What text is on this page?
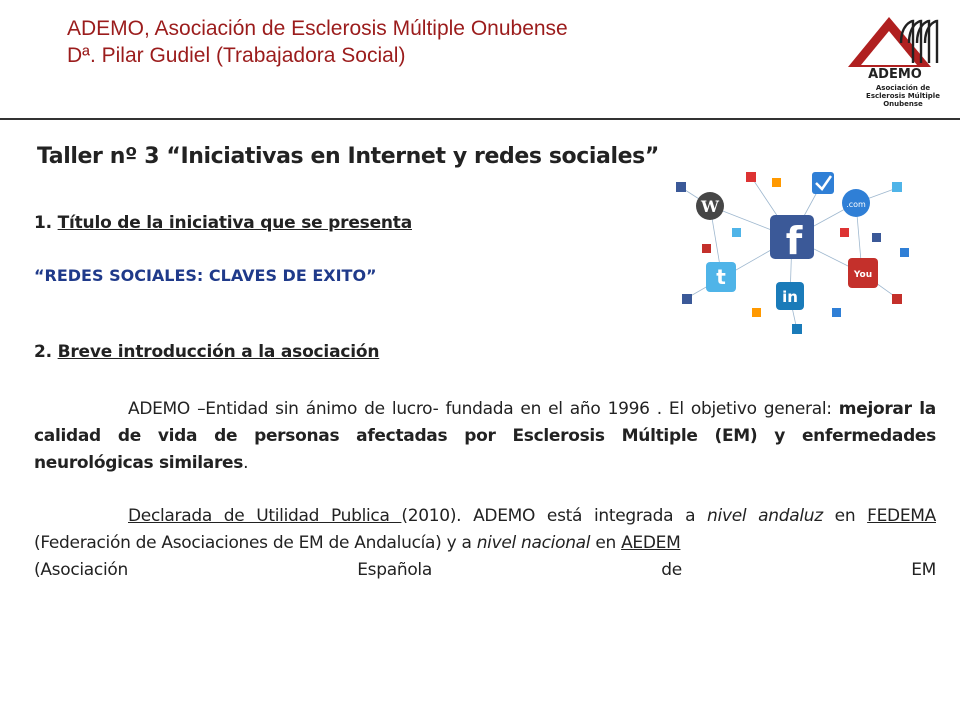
ADEMO, Asociación de Esclerosis Múltiple Onubense
Dª. Pilar Gudiel (Trabajadora Social)
ADEMO
Asociación de
Esclerosis Múltiple
Onubense
Taller nº 3 “Iniciativas en Internet y redes sociales”
1. Título de la iniciativa que se presenta
“REDES SOCIALES: CLAVES DE EXITO”
2. Breve introducción a la asociación
ADEMO –Entidad sin ánimo de lucro- fundada en el año 1996 . El objetivo general: mejorar la calidad de vida de personas afectadas por Esclerosis Múltiple (EM) y enfermedades neurológicas similares.
Declarada de Utilidad Publica (2010). ADEMO está integrada a nivel andaluz en FEDEMA (Federación de Asociaciones de EM de Andalucía) y a nivel nacional en AEDEM
(Asociación	Española	de	EM
f
t
in
You
W	.com
